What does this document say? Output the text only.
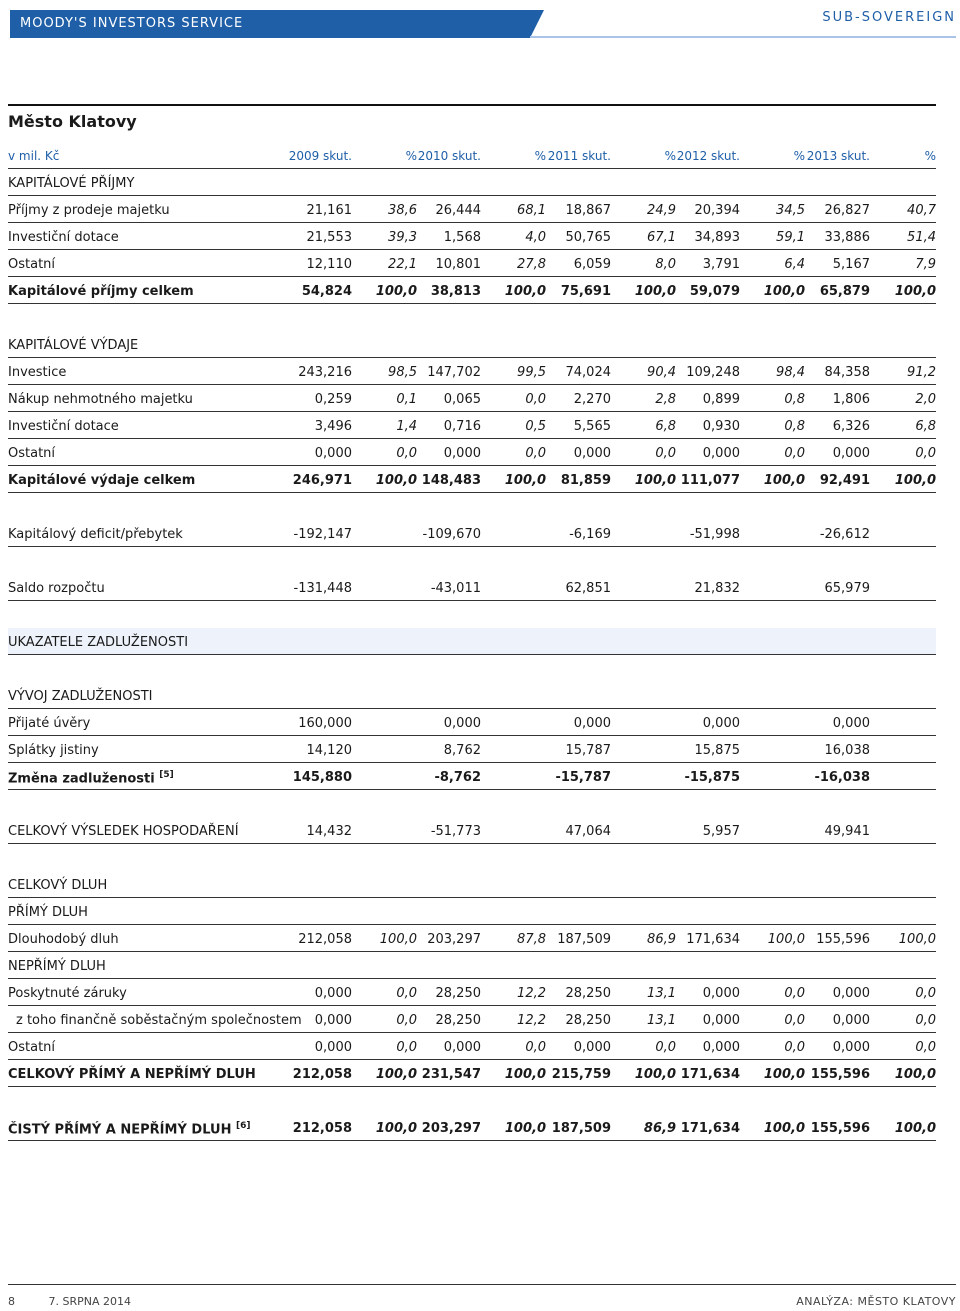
MOODY'S INVESTORS SERVICE	SUB-SOVEREIGN
Město Klatovy
v mil. Kč	2009 skut.	% 2010 skut.	% 2011 skut.	% 2012 skut.	% 2013 skut.	%
KAPITÁLOVÉ PŘÍJMY
Příjmy z prodeje majetku	21,161	38,6 26,444	68,1 18,867	24,9 20,394	34,5 26,827	40,7
Investiční dotace	21,553	39,3 1,568	4,0 50,765	67,1 34,893	59,1 33,886	51,4
Ostatní	12,110	22,1 10,801	27,8 6,059	8,0 3,791	6,4 5,167	7,9
Kapitálové příjmy celkem	54,824 100,0 38,813 100,0 75,691 100,0 59,079 100,0 65,879 100,0
KAPITÁLOVÉ VÝDAJE
Investice	243,216	98,5 147,702	99,5 74,024	90,4 109,248	98,4 84,358	91,2
Nákup nehmotného majetku	0,259	0,1 0,065	0,0 2,270	2,8 0,899	0,8 1,806	2,0
Investiční dotace	3,496	1,4 0,716	0,5 5,565	6,8 0,930	0,8 6,326	6,8
Ostatní	0,000	0,0 0,000	0,0 0,000	0,0 0,000	0,0 0,000	0,0
Kapitálové výdaje celkem	246,971 100,0 148,483 100,0 81,859 100,0 111,077 100,0 92,491 100,0
Kapitálový deficit/přebytek	-192,147	-109,670	-6,169	-51,998	-26,612
Saldo rozpočtu	-131,448	-43,011	62,851	21,832	65,979
UKAZATELE ZADLUŽENOSTI
VÝVOJ ZADLUŽENOSTI
Přijaté úvěry	160,000	0,000	0,000	0,000	0,000
Splátky jistiny	14,120	8,762	15,787	15,875	16,038
Změna zadluženosti [5]	145,880	-8,762	-15,787	-15,875	-16,038
CELKOVÝ VÝSLEDEK HOSPODAŘENÍ	14,432	-51,773	47,064	5,957	49,941
CELKOVÝ DLUH
PŘÍMÝ DLUH
Dlouhodobý dluh	212,058 100,0 203,297	87,8 187,509	86,9 171,634 100,0 155,596 100,0
NEPŘÍMÝ DLUH
Poskytnuté záruky	0,000	0,0 28,250	12,2 28,250	13,1 0,000	0,0 0,000	0,0
z toho finančně soběstačným společnostem 0,000	0,0 28,250	12,2 28,250	13,1 0,000	0,0 0,000	0,0
Ostatní	0,000	0,0 0,000	0,0 0,000	0,0 0,000	0,0 0,000	0,0
CELKOVÝ PŘÍMÝ A NEPŘÍMÝ DLUH	212,058 100,0 231,547 100,0 215,759 100,0 171,634 100,0 155,596 100,0
ČISTÝ PŘÍMÝ A NEPŘÍMÝ DLUH [6]	212,058 100,0 203,297 100,0 187,509	86,9 171,634 100,0 155,596 100,0
8	7. SRPNA 2014	ANALÝZA: MĚSTO KLATOVY
